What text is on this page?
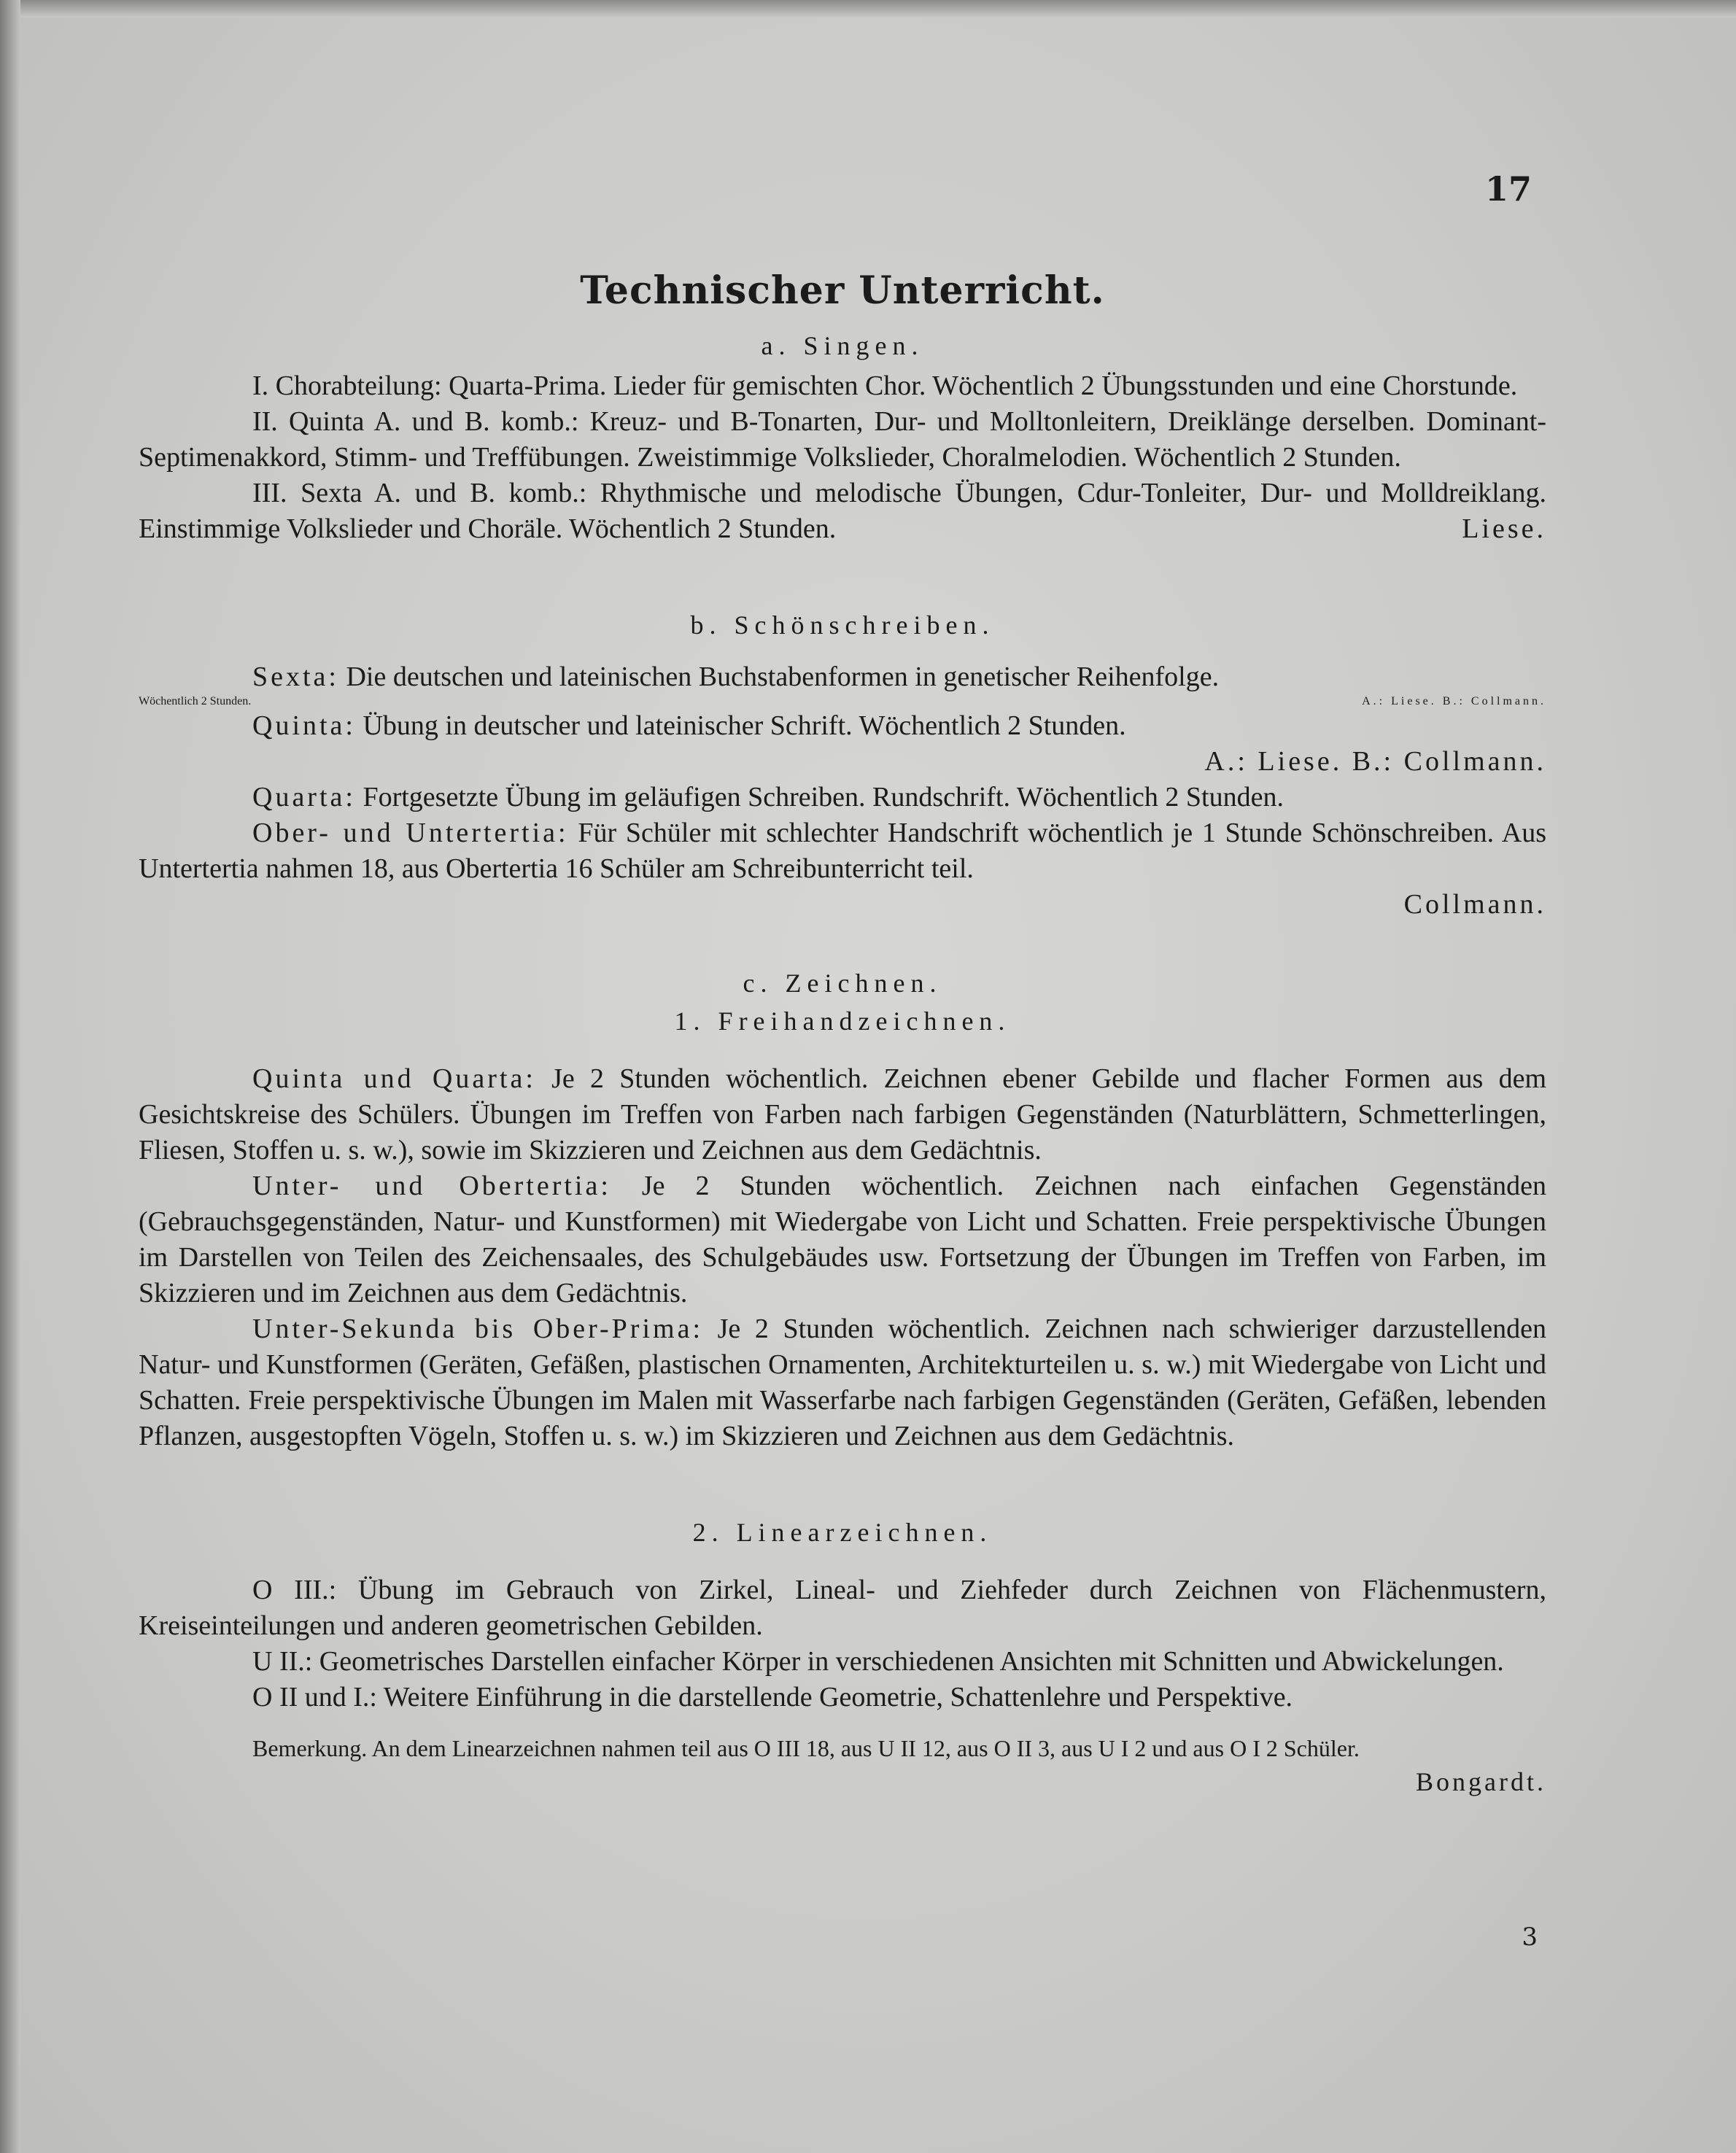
17
Technischer Unterricht.
a. Singen.

I. Chorabteilung: Quarta-Prima. Lieder für gemischten Chor. Wöchentlich 2 Übungsstunden und eine Chorstunde.

II. Quinta A. und B. komb.: Kreuz- und B-Tonarten, Dur- und Molltonleitern, Dreiklänge derselben. Dominant-Septimenakkord, Stimm- und Treffübungen. Zweistimmige Volkslieder, Choralmelodien. Wöchentlich 2 Stunden.

III. Sexta A. und B. komb.: Rhythmische und melodische Übungen, Cdur-Tonleiter, Dur- und Molldreiklang. Einstimmige Volkslieder und Choräle. Wöchentlich 2 Stunden.	Liese.

b. Schönschreiben.

Sexta: Die deutschen und lateinischen Buchstabenformen in genetischer Reihenfolge.

Wöchentlich 2 Stunden.	A.: Liese. B.: Collmann.

Quinta: Übung in deutscher und lateinischer Schrift. Wöchentlich 2 Stunden.

A.: Liese. B.: Collmann.

Quarta: Fortgesetzte Übung im geläufigen Schreiben. Rundschrift. Wöchentlich 2 Stunden.

Ober- und Untertertia: Für Schüler mit schlechter Handschrift wöchentlich je 1 Stunde Schönschreiben. Aus Untertertia nahmen 18, aus Obertertia 16 Schüler am Schreibunterricht teil.

Collmann.
c. Zeichnen.
1. Freihandzeichnen.

Quinta und Quarta: Je 2 Stunden wöchentlich. Zeichnen ebener Gebilde und flacher Formen aus dem Gesichtskreise des Schülers. Übungen im Treffen von Farben nach farbigen Gegenständen (Naturblättern, Schmetterlingen, Fliesen, Stoffen u. s. w.), sowie im Skizzieren und Zeichnen aus dem Gedächtnis.

Unter- und Obertertia: Je 2 Stunden wöchentlich. Zeichnen nach einfachen Gegenständen (Gebrauchsgegenständen, Natur- und Kunstformen) mit Wiedergabe von Licht und Schatten. Freie perspektivische Übungen im Darstellen von Teilen des Zeichensaales, des Schulgebäudes usw. Fortsetzung der Übungen im Treffen von Farben, im Skizzieren und im Zeichnen aus dem Gedächtnis.

Unter-Sekunda bis Ober-Prima: Je 2 Stunden wöchentlich. Zeichnen nach schwieriger darzustellenden Natur- und Kunstformen (Geräten, Gefäßen, plastischen Ornamenten, Architekturteilen u. s. w.) mit Wiedergabe von Licht und Schatten. Freie perspektivische Übungen im Malen mit Wasserfarbe nach farbigen Gegenständen (Geräten, Gefäßen, lebenden Pflanzen, ausgestopften Vögeln, Stoffen u. s. w.) im Skizzieren und Zeichnen aus dem Gedächtnis.

2. Linearzeichnen.

O III.: Übung im Gebrauch von Zirkel, Lineal- und Ziehfeder durch Zeichnen von Flächenmustern, Kreiseinteilungen und anderen geometrischen Gebilden.

U II.: Geometrisches Darstellen einfacher Körper in verschiedenen Ansichten mit Schnitten und Abwickelungen.

O II und I.: Weitere Einführung in die darstellende Geometrie, Schattenlehre und Perspektive.

Bemerkung. An dem Linearzeichnen nahmen teil aus O III 18, aus U II 12, aus O II 3, aus U I 2 und aus O I 2 Schüler.

Bongardt.
3
